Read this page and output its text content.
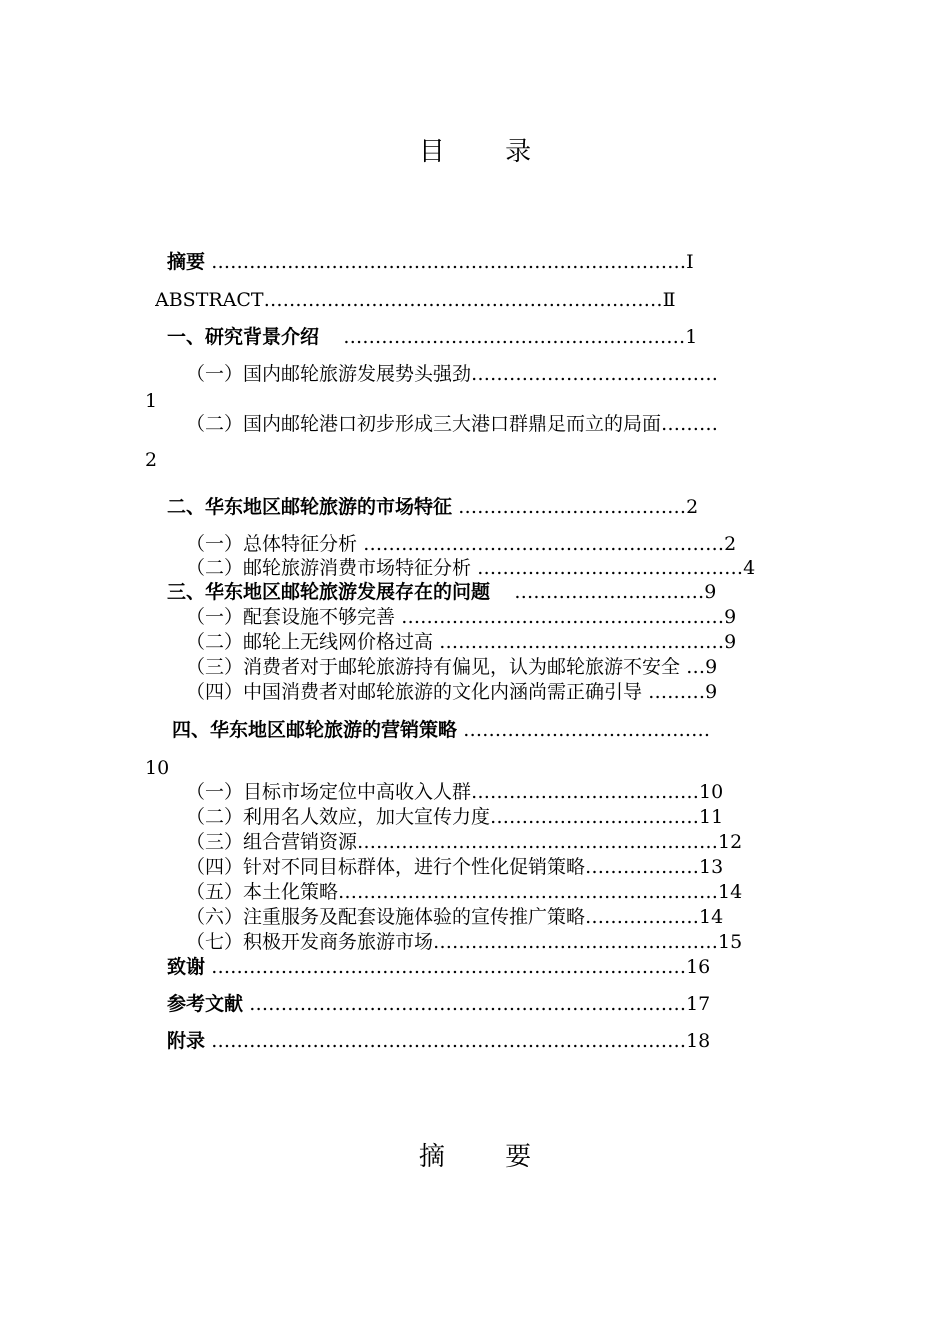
目 录
摘要 …………………………………………………………………Ⅰ
ABSTRACT………………………………………………………Ⅱ
一、研究背景介绍 ………………………………………………1
（一）国内邮轮旅游发展势头强劲…………………………………
1
（二）国内邮轮港口初步形成三大港口群鼎足而立的局面………
2
二、华东地区邮轮旅游的市场特征 ………………………………2
（一）总体特征分析 …………………………………………………2
（二）邮轮旅游消费市场特征分析 ……………………………………4
三、华东地区邮轮旅游发展存在的问题 …………………………9
（一）配套设施不够完善 ……………………………………………9
（二）邮轮上无线网价格过高 ………………………………………9
（三）消费者对于邮轮旅游持有偏见，认为邮轮旅游不安全 …9
（四）中国消费者对邮轮旅游的文化内涵尚需正确引导 ………9
四、华东地区邮轮旅游的营销策略 …………………………………
10
（一）目标市场定位中高收入人群………………………………10
（二）利用名人效应，加大宣传力度……………………………11
（三）组合营销资源…………………………………………………12
（四）针对不同目标群体，进行个性化促销策略………………13
（五）本土化策略……………………………………………………14
（六）注重服务及配套设施体验的宣传推广策略………………14
（七）积极开发商务旅游市场………………………………………15
致谢 …………………………………………………………………16
参考文献 ……………………………………………………………17
附录 …………………………………………………………………18
摘 要
